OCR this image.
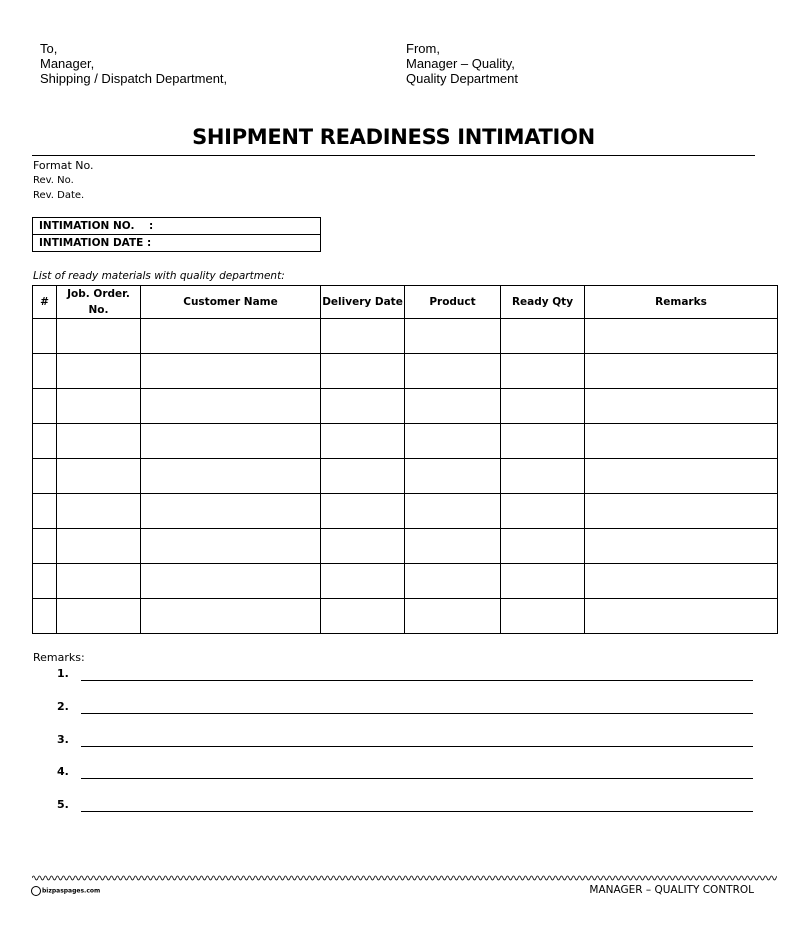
To,
Manager,
Shipping / Dispatch Department,
From,
Manager – Quality,
Quality Department
SHIPMENT READINESS INTIMATION
Format No.
Rev. No.
Rev. Date.
INTIMATION NO.    :
INTIMATION DATE :
List of ready materials with quality department:
#	Job. Order. No.	Customer Name	Delivery Date	Product	Ready Qty	Remarks

Remarks:
1.
2.
3.
4.
5.
bizpaspages.com	MANAGER – QUALITY CONTROL
